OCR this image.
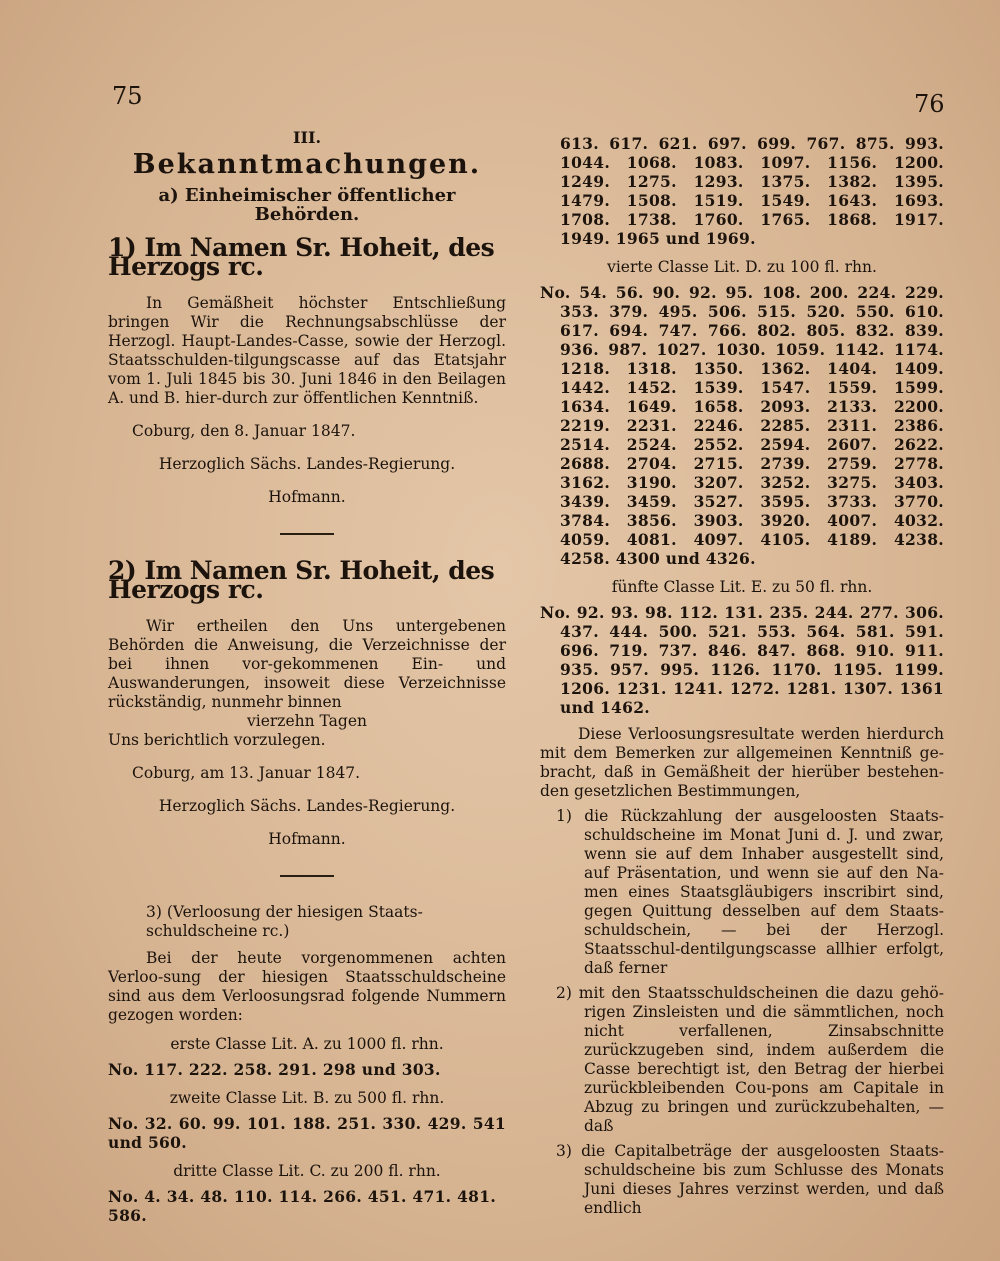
75	76

III.

Bekanntmachungen.

a) Einheimischer öffentlicher Behörden.

1) Im Namen Sr. Hoheit, des Herzogs rc.

In Gemäßheit höchster Entschließung bringen Wir die Rechnungsabschlüsse der Herzogl. Haupt-Landes-Casse, sowie der Herzogl. Staatsschulden-tilgungscasse auf das Etatsjahr vom 1. Juli 1845 bis 30. Juni 1846 in den Beilagen A. und B. hier-durch zur öffentlichen Kenntniß.

Coburg, den 8. Januar 1847.

Herzoglich Sächs. Landes-Regierung.

Hofmann.

2) Im Namen Sr. Hoheit, des Herzogs rc.

Wir ertheilen den Uns untergebenen Behörden die Anweisung, die Verzeichnisse der bei ihnen vor-gekommenen Ein- und Auswanderungen, insoweit diese Verzeichnisse rückständig, nunmehr binnen

vierzehn Tagen

Uns berichtlich vorzulegen.

Coburg, am 13. Januar 1847.

Herzoglich Sächs. Landes-Regierung.

Hofmann.

3) (Verloosung der hiesigen Staats-schuldscheine rc.)

Bei der heute vorgenommenen achten Verloo-sung der hiesigen Staatsschuldscheine sind aus dem Verloosungsrad folgende Nummern gezogen worden:

erste Classe Lit. A. zu 1000 fl. rhn.

No. 117. 222. 258. 291. 298 und 303.

zweite Classe Lit. B. zu 500 fl. rhn.

No. 32. 60. 99. 101. 188. 251. 330. 429. 541 und 560.

dritte Classe Lit. C. zu 200 fl. rhn.

No. 4. 34. 48. 110. 114. 266. 451. 471. 481. 586.

613. 617. 621. 697. 699. 767. 875. 993. 1044. 1068. 1083. 1097. 1156. 1200. 1249. 1275. 1293. 1375. 1382. 1395. 1479. 1508. 1519. 1549. 1643. 1693. 1708. 1738. 1760. 1765. 1868. 1917. 1949. 1965 und 1969.

vierte Classe Lit. D. zu 100 fl. rhn.

No. 54. 56. 90. 92. 95. 108. 200. 224. 229. 353. 379. 495. 506. 515. 520. 550. 610. 617. 694. 747. 766. 802. 805. 832. 839. 936. 987. 1027. 1030. 1059. 1142. 1174. 1218. 1318. 1350. 1362. 1404. 1409. 1442. 1452. 1539. 1547. 1559. 1599. 1634. 1649. 1658. 2093. 2133. 2200. 2219. 2231. 2246. 2285. 2311. 2386. 2514. 2524. 2552. 2594. 2607. 2622. 2688. 2704. 2715. 2739. 2759. 2778. 3162. 3190. 3207. 3252. 3275. 3403. 3439. 3459. 3527. 3595. 3733. 3770. 3784. 3856. 3903. 3920. 4007. 4032. 4059. 4081. 4097. 4105. 4189. 4238. 4258. 4300 und 4326.

fünfte Classe Lit. E. zu 50 fl. rhn.

No. 92. 93. 98. 112. 131. 235. 244. 277. 306. 437. 444. 500. 521. 553. 564. 581. 591. 696. 719. 737. 846. 847. 868. 910. 911. 935. 957. 995. 1126. 1170. 1195. 1199. 1206. 1231. 1241. 1272. 1281. 1307. 1361 und 1462.

Diese Verloosungsresultate werden hierdurch mit dem Bemerken zur allgemeinen Kenntniß ge-bracht, daß in Gemäßheit der hierüber bestehen-den gesetzlichen Bestimmungen,

1) die Rückzahlung der ausgeloosten Staats-schuldscheine im Monat Juni d. J. und zwar, wenn sie auf dem Inhaber ausgestellt sind, auf Präsentation, und wenn sie auf den Na-men eines Staatsgläubigers inscribirt sind, gegen Quittung desselben auf dem Staats-schuldschein, — bei der Herzogl. Staatsschul-dentilgungscasse allhier erfolgt, daß ferner

2) mit den Staatsschuldscheinen die dazu gehö-rigen Zinsleisten und die sämmtlichen, noch nicht verfallenen, Zinsabschnitte zurückzugeben sind, indem außerdem die Casse berechtigt ist, den Betrag der hierbei zurückbleibenden Cou-pons am Capitale in Abzug zu bringen und zurückzubehalten, — daß

3) die Capitalbeträge der ausgeloosten Staats-schuldscheine bis zum Schlusse des Monats Juni dieses Jahres verzinst werden, und daß endlich
